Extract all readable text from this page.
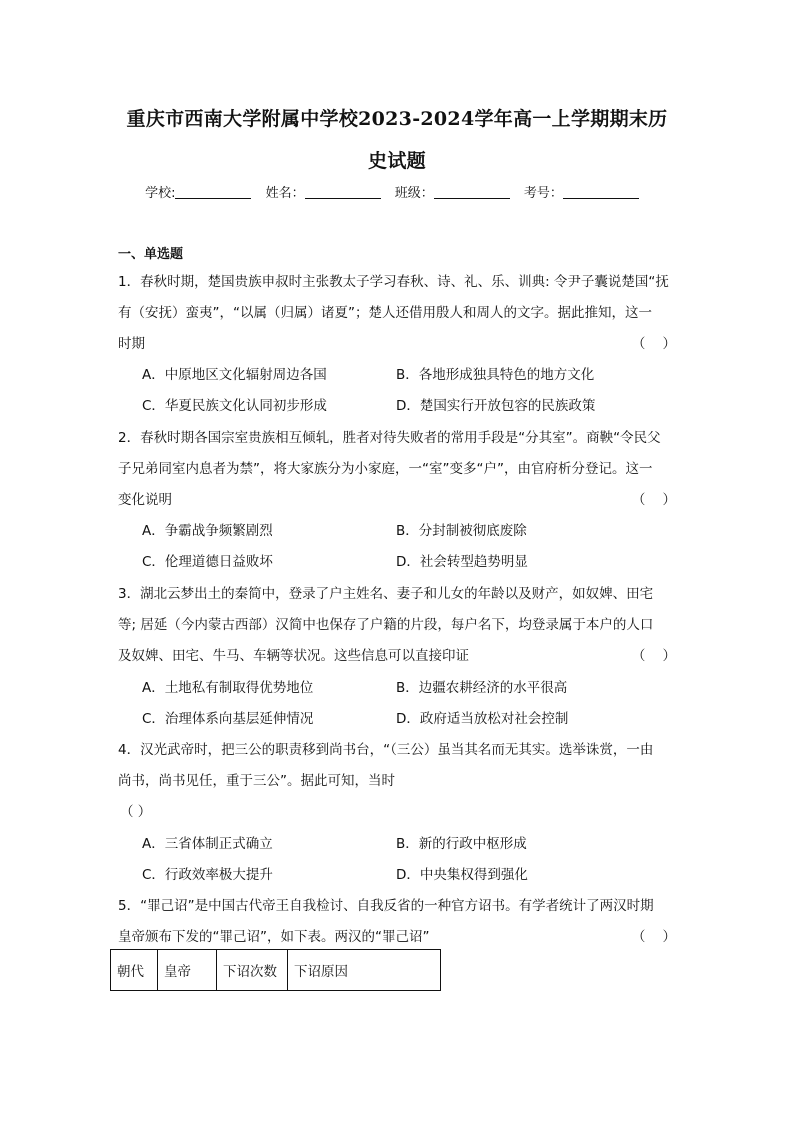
重庆市西南大学附属中学校2023-2024学年高一上学期期末历
史试题
学校:	姓名：	班级：	考号：
一、单选题
1．春秋时期，楚国贵族申叔时主张教太子学习春秋、诗、礼、乐、训典: 令尹子囊说楚国“抚
有（安抚）蛮夷”，“以属（归属）诸夏”；楚人还借用殷人和周人的文字。据此推知，这一
时期	（    ）
A．中原地区文化辐射周边各国	B．各地形成独具特色的地方文化
C．华夏民族文化认同初步形成	D．楚国实行开放包容的民族政策
2．春秋时期各国宗室贵族相互倾轧，胜者对待失败者的常用手段是“分其室”。商鞅“令民父
子兄弟同室内息者为禁”，将大家族分为小家庭，一“室”变多“户”，由官府析分登记。这一
变化说明	（    ）
A．争霸战争频繁剧烈	B．分封制被彻底废除
C．伦理道德日益败坏	D．社会转型趋势明显
3．湖北云梦出土的秦简中，登录了户主姓名、妻子和儿女的年龄以及财产，如奴婢、田宅
等; 居延（今内蒙古西部）汉简中也保存了户籍的片段，每户名下，均登录属于本户的人口
及奴婢、田宅、牛马、车辆等状况。这些信息可以直接印证	（    ）
A．土地私有制取得优势地位	B．边疆农耕经济的水平很高
C．治理体系向基层延伸情况	D．政府适当放松对社会控制
4．汉光武帝时，把三公的职责移到尚书台，“（三公）虽当其名而无其实。选举诛赏，一由
尚书，尚书见任，重于三公”。据此可知，当时
（ ）
A．三省体制正式确立	B．新的行政中枢形成
C．行政效率极大提升	D．中央集权得到强化
5．“罪己诏”是中国古代帝王自我检讨、自我反省的一种官方诏书。有学者统计了两汉时期
皇帝颁布下发的“罪己诏”，如下表。两汉的“罪己诏”	（    ）
朝代	皇帝	下诏次数	下诏原因
